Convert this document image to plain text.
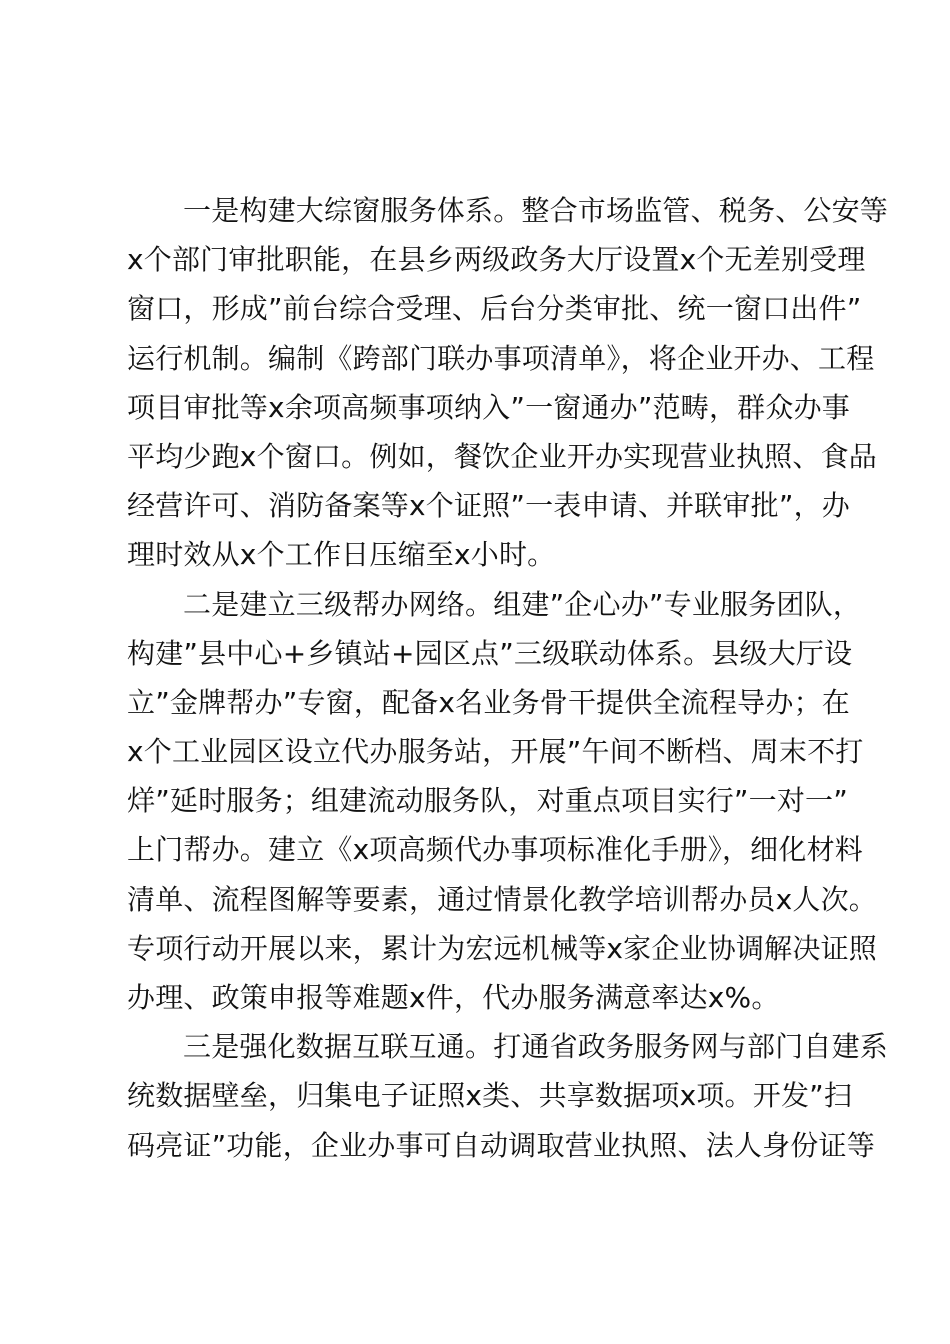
一是构建大综窗服务体系。整合市场监管、税务、公安等
x个部门审批职能，在县乡两级政务大厅设置x个无差别受理
窗口，形成”前台综合受理、后台分类审批、统一窗口出件”
运行机制。编制《跨部门联办事项清单》，将企业开办、工程
项目审批等x余项高频事项纳入”一窗通办”范畴，群众办事
平均少跑x个窗口。例如，餐饮企业开办实现营业执照、食品
经营许可、消防备案等x个证照”一表申请、并联审批”，办
理时效从x个工作日压缩至x小时。
二是建立三级帮办网络。组建”企心办”专业服务团队，
构建”县中心+乡镇站+园区点”三级联动体系。县级大厅设
立”金牌帮办”专窗，配备x名业务骨干提供全流程导办；在
x个工业园区设立代办服务站，开展”午间不断档、周末不打
烊”延时服务；组建流动服务队，对重点项目实行”一对一”
上门帮办。建立《x项高频代办事项标准化手册》，细化材料
清单、流程图解等要素，通过情景化教学培训帮办员x人次。
专项行动开展以来，累计为宏远机械等x家企业协调解决证照
办理、政策申报等难题x件，代办服务满意率达x%。
三是强化数据互联互通。打通省政务服务网与部门自建系
统数据壁垒，归集电子证照x类、共享数据项x项。开发”扫
码亮证”功能，企业办事可自动调取营业执照、法人身份证等
